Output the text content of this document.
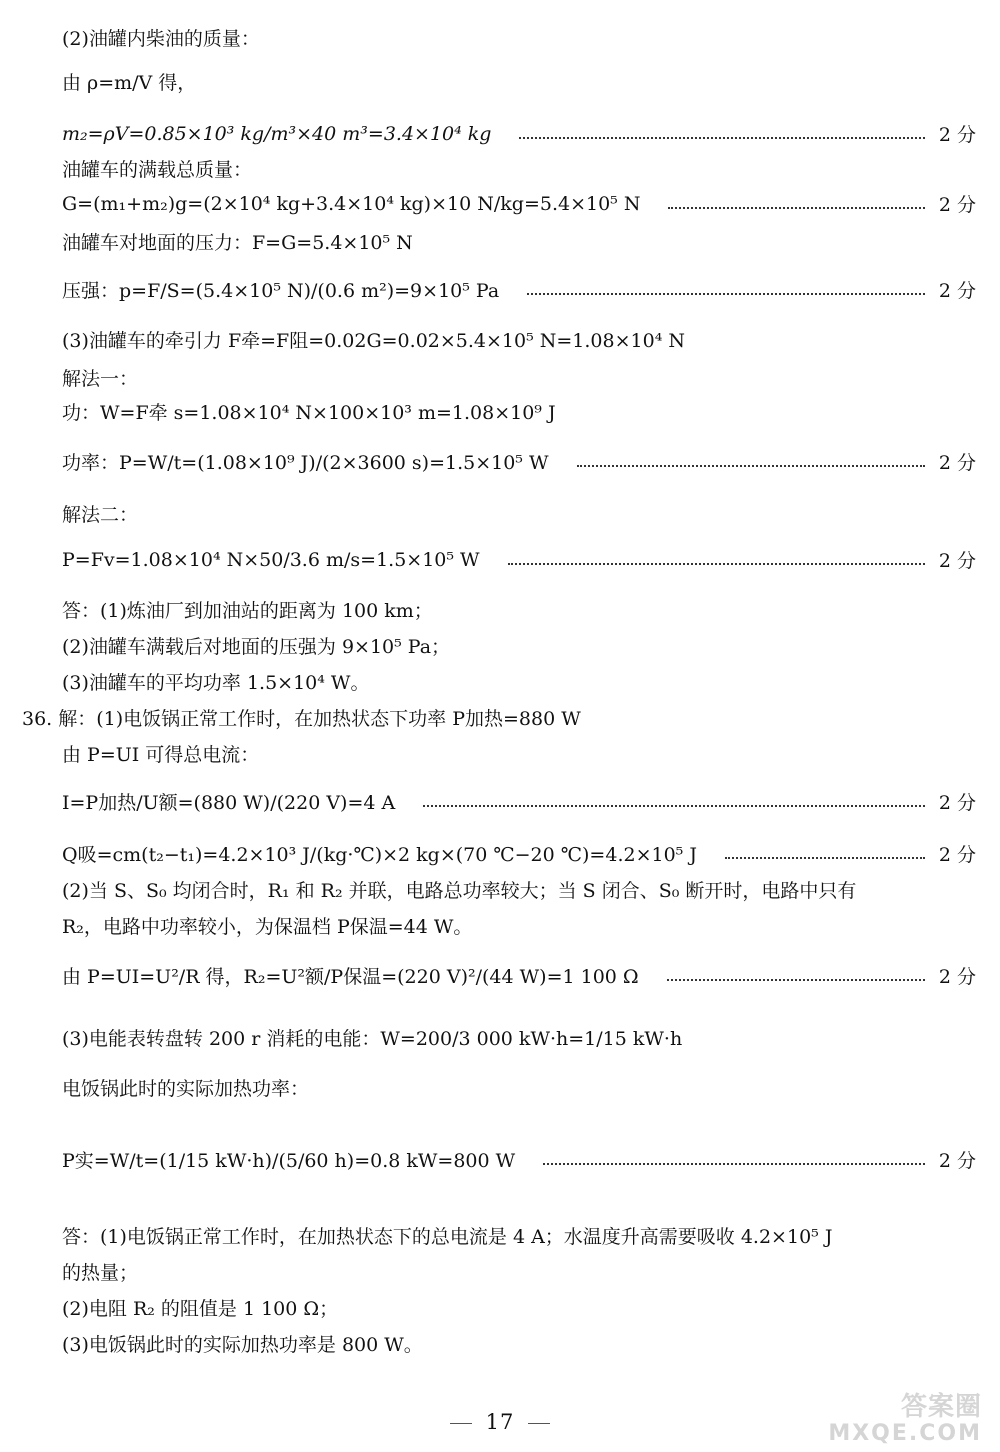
(2)油罐内柴油的质量：
由 ρ=m/V 得，
m₂=ρV=0.85×10³ kg/m³×40 m³=3.4×10⁴ kg	2 分
油罐车的满载总质量：
G=(m₁+m₂)g=(2×10⁴ kg+3.4×10⁴ kg)×10 N/kg=5.4×10⁵ N	2 分
油罐车对地面的压力：F=G=5.4×10⁵ N
压强：p=F/S=(5.4×10⁵ N)/(0.6 m²)=9×10⁵ Pa	2 分
(3)油罐车的牵引力 F牵=F阻=0.02G=0.02×5.4×10⁵ N=1.08×10⁴ N
解法一：
功：W=F牵 s=1.08×10⁴ N×100×10³ m=1.08×10⁹ J
功率：P=W/t=(1.08×10⁹ J)/(2×3600 s)=1.5×10⁵ W	2 分
解法二：
P=Fv=1.08×10⁴ N×50/3.6 m/s=1.5×10⁵ W	2 分
答：(1)炼油厂到加油站的距离为 100 km；
(2)油罐车满载后对地面的压强为 9×10⁵ Pa；
(3)油罐车的平均功率 1.5×10⁴ W。
36. 解：(1)电饭锅正常工作时，在加热状态下功率 P加热=880 W
由 P=UI 可得总电流：
I=P加热/U额=(880 W)/(220 V)=4 A	2 分
Q吸=cm(t₂−t₁)=4.2×10³ J/(kg·℃)×2 kg×(70 ℃−20 ℃)=4.2×10⁵ J	2 分
(2)当 S、S₀ 均闭合时，R₁ 和 R₂ 并联，电路总功率较大；当 S 闭合、S₀ 断开时，电路中只有
R₂，电路中功率较小，为保温档 P保温=44 W。
由 P=UI=U²/R 得，R₂=U²额/P保温=(220 V)²/(44 W)=1 100 Ω	2 分
(3)电能表转盘转 200 r 消耗的电能：W=200/3 000 kW·h=1/15 kW·h
电饭锅此时的实际加热功率：
P实=W/t=(1/15 kW·h)/(5/60 h)=0.8 kW=800 W	2 分
答：(1)电饭锅正常工作时，在加热状态下的总电流是 4 A；水温度升高需要吸收 4.2×10⁵ J
的热量；
(2)电阻 R₂ 的阻值是 1 100 Ω；
(3)电饭锅此时的实际加热功率是 800 W。
17	答案圈
MXQE.COM
